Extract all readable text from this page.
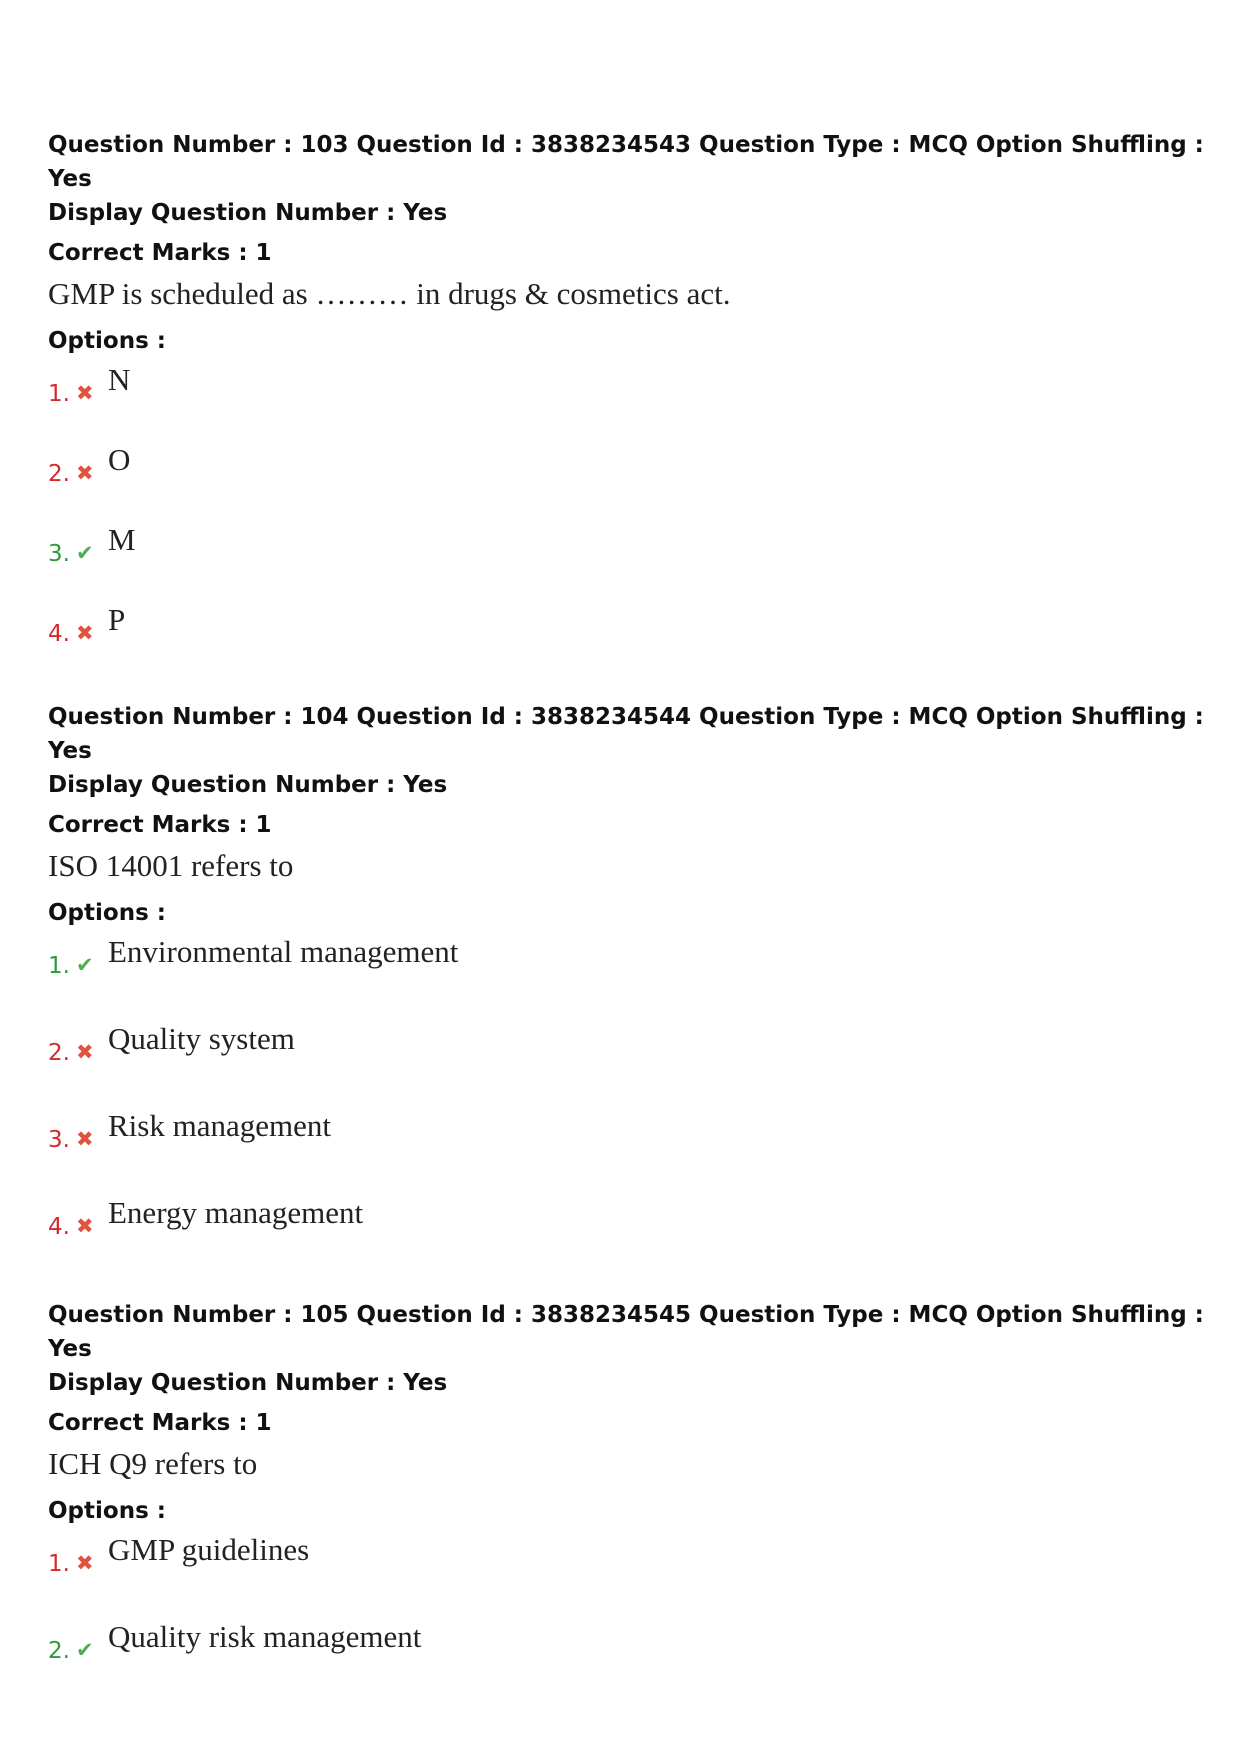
Question Number : 103 Question Id : 3838234543 Question Type : MCQ Option Shuffling : Yes

Display Question Number : Yes

Correct Marks : 1

GMP is scheduled as ……… in drugs & cosmetics act.

Options :
1. ✖ N
2. ✖ O
3. ✔ M
4. ✖ P

Question Number : 104 Question Id : 3838234544 Question Type : MCQ Option Shuffling : Yes

Display Question Number : Yes

Correct Marks : 1

ISO 14001 refers to

Options :
1. ✔ Environmental management
2. ✖ Quality system
3. ✖ Risk management
4. ✖ Energy management

Question Number : 105 Question Id : 3838234545 Question Type : MCQ Option Shuffling : Yes

Display Question Number : Yes

Correct Marks : 1

ICH Q9 refers to

Options :
1. ✖ GMP guidelines
2. ✔ Quality risk management
